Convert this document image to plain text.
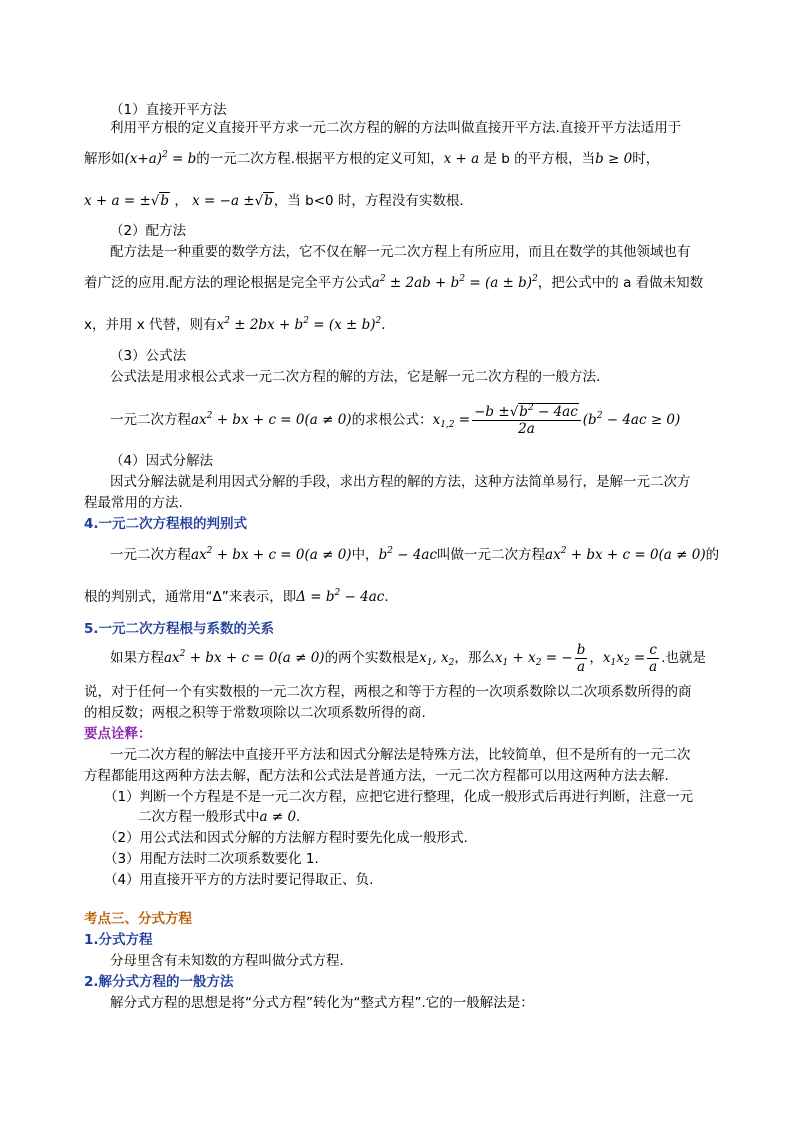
（1）直接开平方法
利用平方根的定义直接开平方求一元二次方程的解的方法叫做直接开平方法.直接开平方法适用于
解形如$(x+a)^2 = b$的一元二次方程.根据平方根的定义可知，x + a 是 b 的平方根，当b ≥ 0时，
x + a = ±√b ， x = −a ±√b，当 b<0 时，方程没有实数根.
（2）配方法
配方法是一种重要的数学方法，它不仅在解一元二次方程上有所应用，而且在数学的其他领域也有
着广泛的应用.配方法的理论根据是完全平方公式$a^2 \pm 2ab + b^2 = (a \pm b)^2$，把公式中的 a 看做未知数
x，并用 x 代替，则有$x^2 \pm 2bx + b^2 = (x \pm b)^2$.
（3）公式法
公式法是用求根公式求一元二次方程的解的方法，它是解一元二次方程的一般方法.
一元二次方程$ax^2$ + bx + c = 0(a ≠ 0)的求根公式：$x_{1,2} = \frac{-b \pm√b^2 - 4ac}{2a} (b^2 - 4ac \ge 0)$
（4）因式分解法
因式分解法就是利用因式分解的手段，求出方程的解的方法，这种方法简单易行，是解一元二次方
程最常用的方法.
4.一元二次方程根的判别式
一元二次方程$ax^2$ + bx + c = 0(a ≠ 0)中，$b^2 - 4ac$叫做一元二次方程$ax^2$ + bx + c = 0(a ≠ 0)的
根的判别式，通常用“Δ”来表示，即$\Delta = b^2 - 4ac$.
5.一元二次方程根与系数的关系
如果方程$ax^2$ + bx + c = 0(a ≠ 0)的两个实数根是$x_1$, $x_2$，那么$x_1 + x_2$ = − $\frac{b}{a}$ ，$x_1x_2 = \frac{c}{a}$ .也就是
说，对于任何一个有实数根的一元二次方程，两根之和等于方程的一次项系数除以二次项系数所得的商
的相反数；两根之积等于常数项除以二次项系数所得的商.
要点诠释：
一元二次方程的解法中直接开平方法和因式分解法是特殊方法，比较简单，但不是所有的一元二次
方程都能用这两种方法去解，配方法和公式法是普通方法，一元二次方程都可以用这两种方法去解.
（1）判断一个方程是不是一元二次方程，应把它进行整理，化成一般形式后再进行判断，注意一元
二次方程一般形式中a ≠ 0.
（2）用公式法和因式分解的方法解方程时要先化成一般形式.
（3）用配方法时二次项系数要化 1.
（4）用直接开平方的方法时要记得取正、负.
考点三、分式方程
1.分式方程
分母里含有未知数的方程叫做分式方程.
2.解分式方程的一般方法
解分式方程的思想是将“分式方程”转化为“整式方程”.它的一般解法是：
